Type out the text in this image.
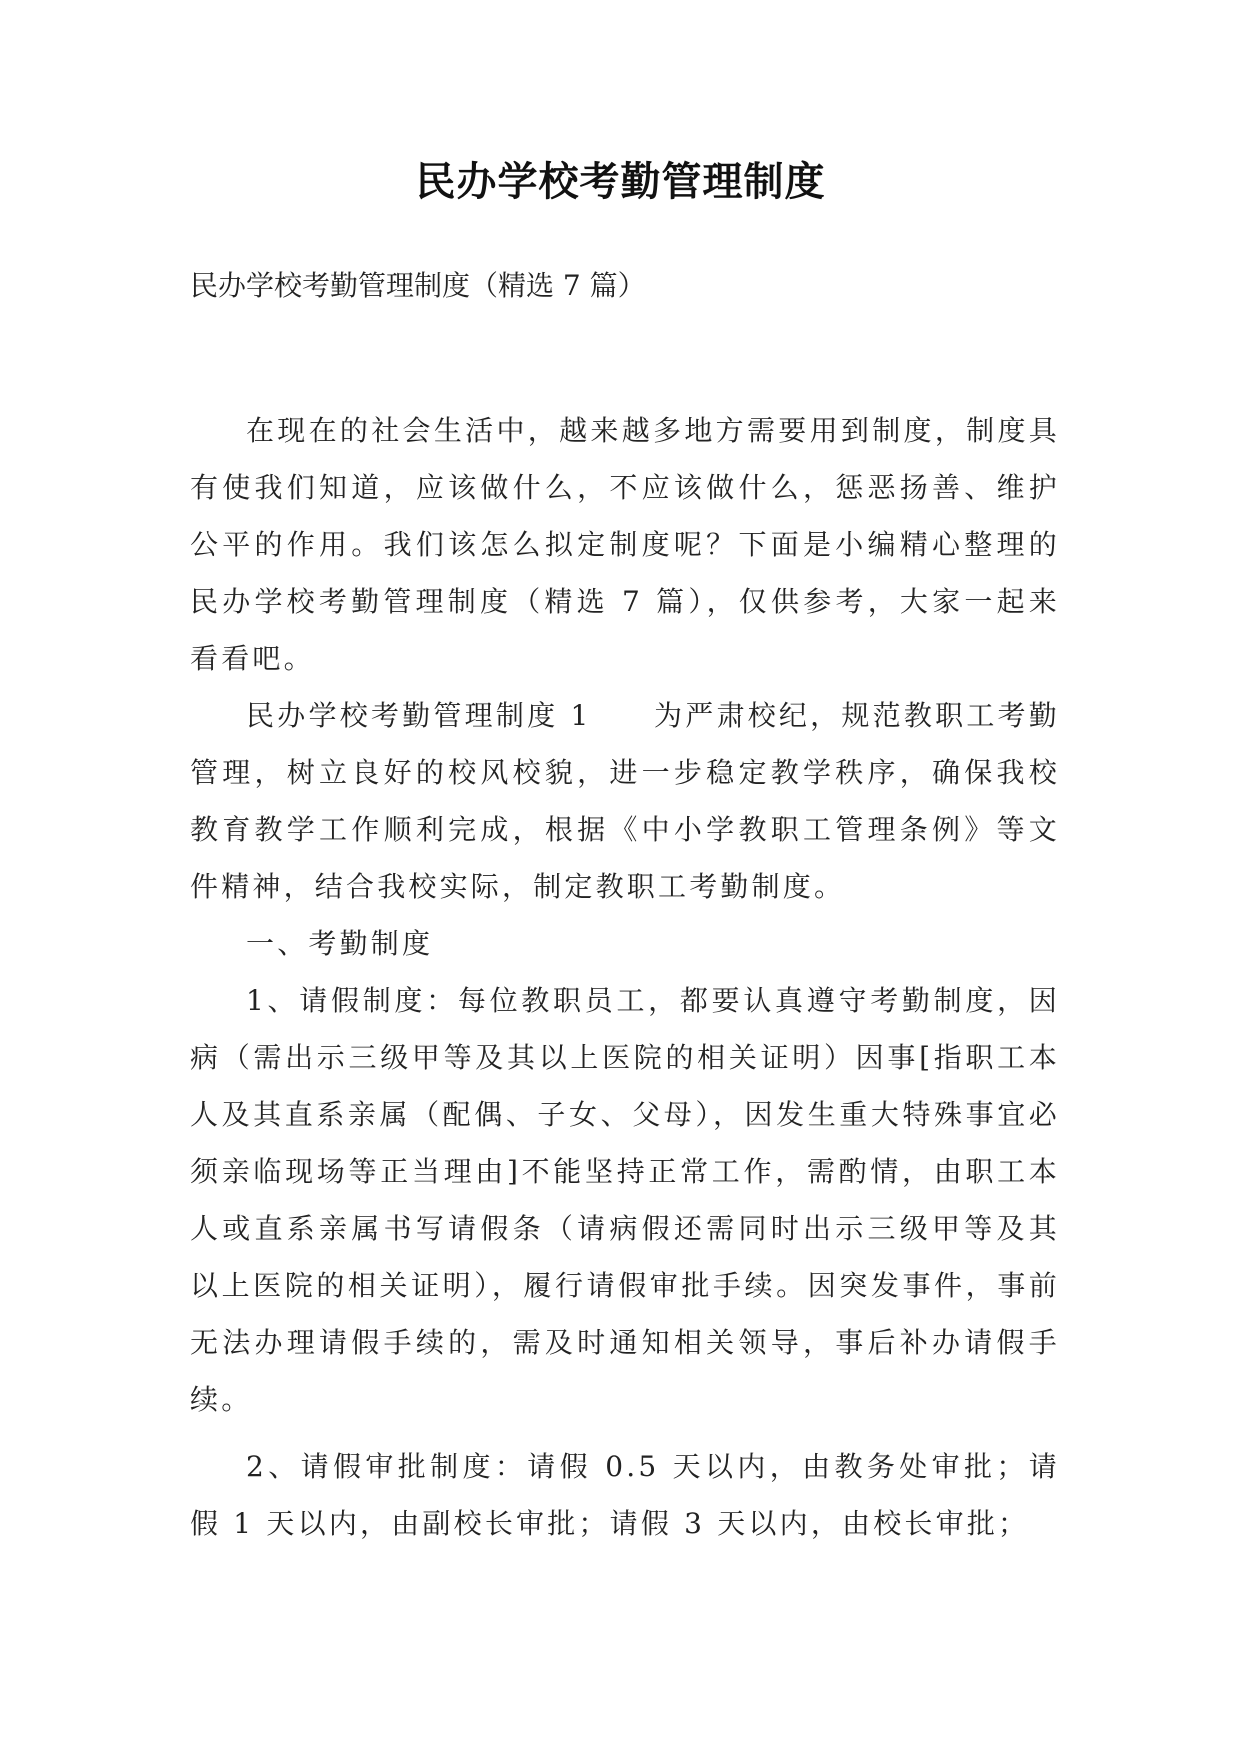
民办学校考勤管理制度
民办学校考勤管理制度（精选 7 篇）

在现在的社会生活中，越来越多地方需要用到制度，制度具有使我们知道，应该做什么，不应该做什么，惩恶扬善、维护公平的作用。我们该怎么拟定制度呢？下面是小编精心整理的民办学校考勤管理制度（精选 7 篇），仅供参考，大家一起来看看吧。

民办学校考勤管理制度 1　　为严肃校纪，规范教职工考勤管理，树立良好的校风校貌，进一步稳定教学秩序，确保我校教育教学工作顺利完成，根据《中小学教职工管理条例》等文件精神，结合我校实际，制定教职工考勤制度。

一、考勤制度

1、请假制度：每位教职员工，都要认真遵守考勤制度，因病（需出示三级甲等及其以上医院的相关证明）因事[指职工本人及其直系亲属（配偶、子女、父母），因发生重大特殊事宜必须亲临现场等正当理由]不能坚持正常工作，需酌情，由职工本人或直系亲属书写请假条（请病假还需同时出示三级甲等及其以上医院的相关证明），履行请假审批手续。因突发事件，事前无法办理请假手续的，需及时通知相关领导，事后补办请假手续。

2、请假审批制度：请假 0.5 天以内，由教务处审批；请假 1 天以内，由副校长审批；请假 3 天以内，由校长审批；
